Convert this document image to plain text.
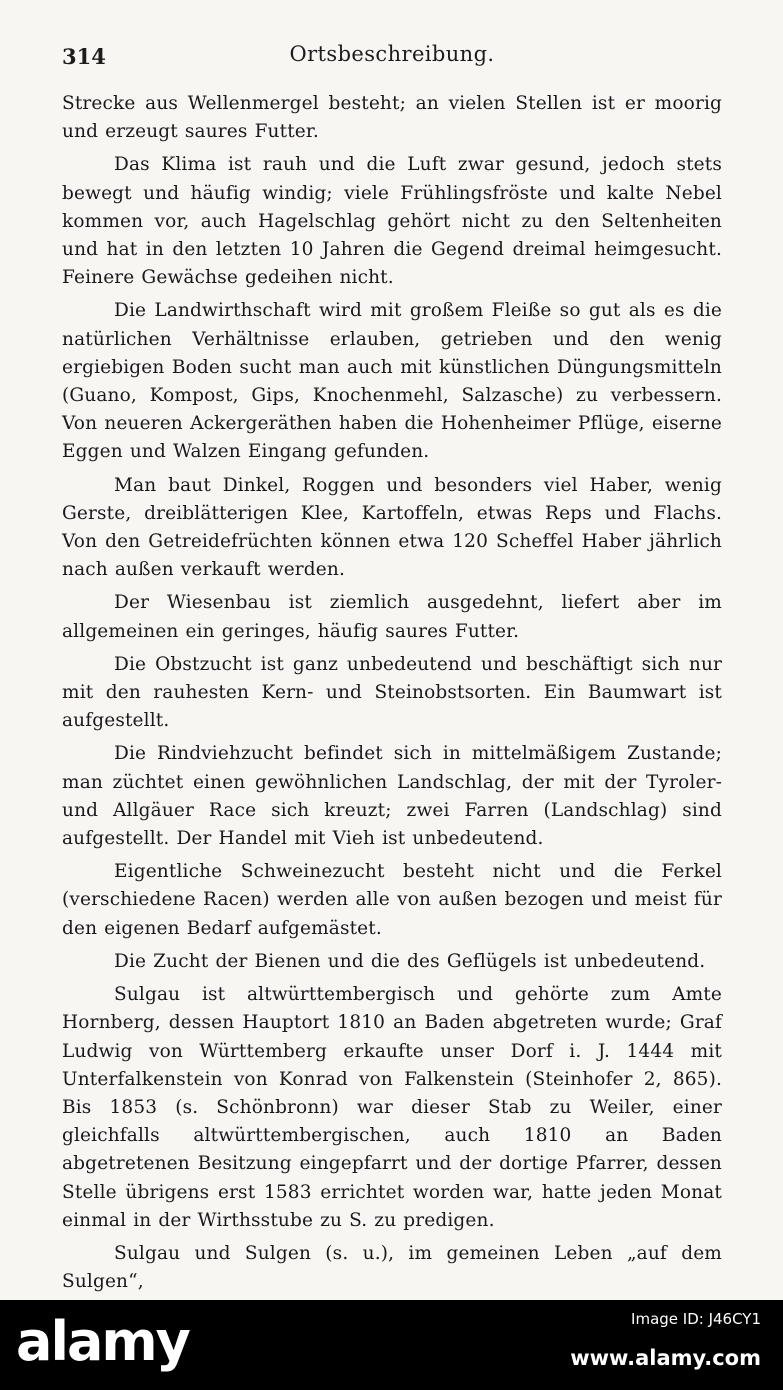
314	Ortsbeschreibung.

Strecke aus Wellenmergel besteht; an vielen Stellen ist er moorig und erzeugt saures Futter.

Das Klima ist rauh und die Luft zwar gesund, jedoch stets bewegt und häufig windig; viele Frühlingsfröste und kalte Nebel kommen vor, auch Hagelschlag gehört nicht zu den Seltenheiten und hat in den letzten 10 Jahren die Gegend dreimal heimgesucht. Feinere Gewächse gedeihen nicht.

Die Landwirthschaft wird mit großem Fleiße so gut als es die natürlichen Verhältnisse erlauben, getrieben und den wenig ergiebigen Boden sucht man auch mit künstlichen Düngungsmitteln (Guano, Kompost, Gips, Knochenmehl, Salzasche) zu verbessern. Von neueren Ackergeräthen haben die Hohenheimer Pflüge, eiserne Eggen und Walzen Eingang gefunden.

Man baut Dinkel, Roggen und besonders viel Haber, wenig Gerste, dreiblätterigen Klee, Kartoffeln, etwas Reps und Flachs. Von den Getreidefrüchten können etwa 120 Scheffel Haber jährlich nach außen verkauft werden.

Der Wiesenbau ist ziemlich ausgedehnt, liefert aber im allgemeinen ein geringes, häufig saures Futter.

Die Obstzucht ist ganz unbedeutend und beschäftigt sich nur mit den rauhesten Kern- und Steinobstsorten. Ein Baumwart ist aufgestellt.

Die Rindviehzucht befindet sich in mittelmäßigem Zustande; man züchtet einen gewöhnlichen Landschlag, der mit der Tyroler- und Allgäuer Race sich kreuzt; zwei Farren (Landschlag) sind aufgestellt. Der Handel mit Vieh ist unbedeutend.

Eigentliche Schweinezucht besteht nicht und die Ferkel (verschiedene Racen) werden alle von außen bezogen und meist für den eigenen Bedarf aufgemästet.

Die Zucht der Bienen und die des Geflügels ist unbedeutend.

Sulgau ist altwürttembergisch und gehörte zum Amte Hornberg, dessen Hauptort 1810 an Baden abgetreten wurde; Graf Ludwig von Württemberg erkaufte unser Dorf i. J. 1444 mit Unterfalkenstein von Konrad von Falkenstein (Steinhofer 2, 865). Bis 1853 (s. Schönbronn) war dieser Stab zu Weiler, einer gleichfalls altwürttembergischen, auch 1810 an Baden abgetretenen Besitzung eingepfarrt und der dortige Pfarrer, dessen Stelle übrigens erst 1583 errichtet worden war, hatte jeden Monat einmal in der Wirthsstube zu S. zu predigen.

Sulgau und Sulgen (s. u.), im gemeinen Leben „auf dem Sulgen“,

alamy	Image ID: J46CY1
www.alamy.com
